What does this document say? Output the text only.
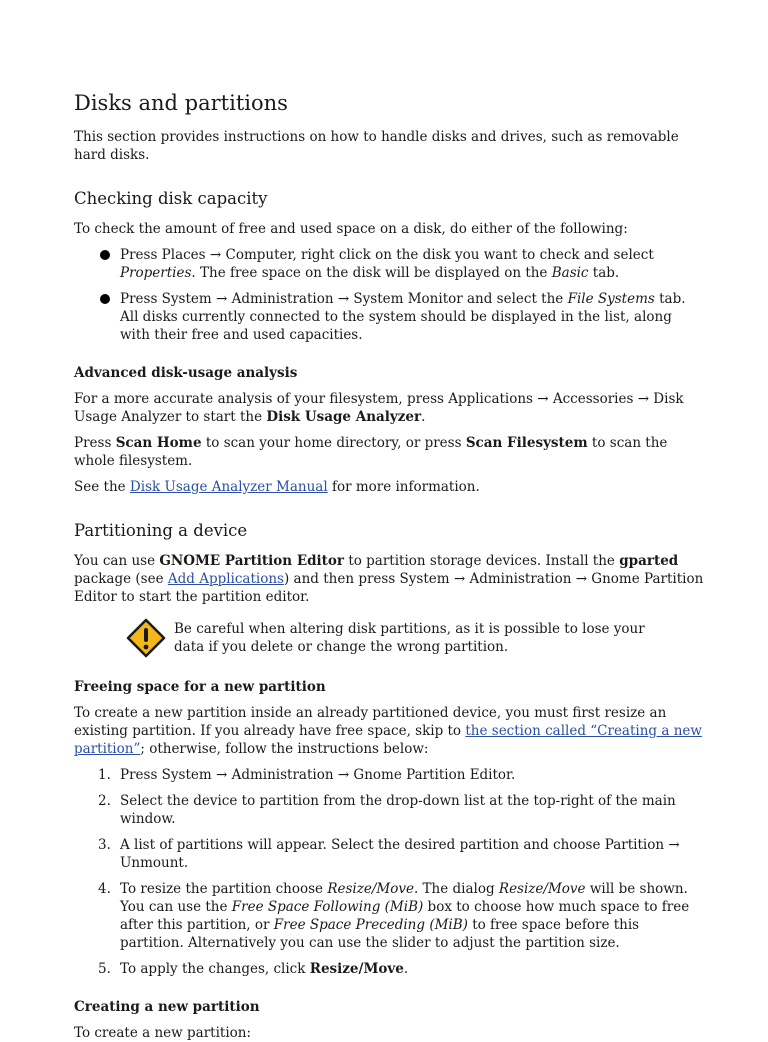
Disks and partitions

This section provides instructions on how to handle disks and drives, such as removable hard disks.

Checking disk capacity

To check the amount of free and used space on a disk, do either of the following:

Press Places → Computer, right click on the disk you want to check and select Properties. The free space on the disk will be displayed on the Basic tab.
Press System → Administration → System Monitor and select the File Systems tab. All disks currently connected to the system should be displayed in the list, along with their free and used capacities.
Advanced disk-usage analysis

For a more accurate analysis of your filesystem, press Applications → Accessories → Disk Usage Analyzer to start the Disk Usage Analyzer.

Press Scan Home to scan your home directory, or press Scan Filesystem to scan the whole filesystem.

See the Disk Usage Analyzer Manual for more information.

Partitioning a device

You can use GNOME Partition Editor to partition storage devices. Install the gparted package (see Add Applications) and then press System → Administration → Gnome Partition Editor to start the partition editor.

Be careful when altering disk partitions, as it is possible to lose your data if you delete or change the wrong partition.
Freeing space for a new partition

To create a new partition inside an already partitioned device, you must first resize an existing partition. If you already have free space, skip to the section called “Creating a new partition”; otherwise, follow the instructions below:

1. Press System → Administration → Gnome Partition Editor.
2. Select the device to partition from the drop-down list at the top-right of the main window.
3. A list of partitions will appear. Select the desired partition and choose Partition → Unmount.
4. To resize the partition choose Resize/Move. The dialog Resize/Move will be shown. You can use the Free Space Following (MiB) box to choose how much space to free after this partition, or Free Space Preceding (MiB) to free space before this partition. Alternatively you can use the slider to adjust the partition size.
5. To apply the changes, click Resize/Move.
Creating a new partition

To create a new partition:
